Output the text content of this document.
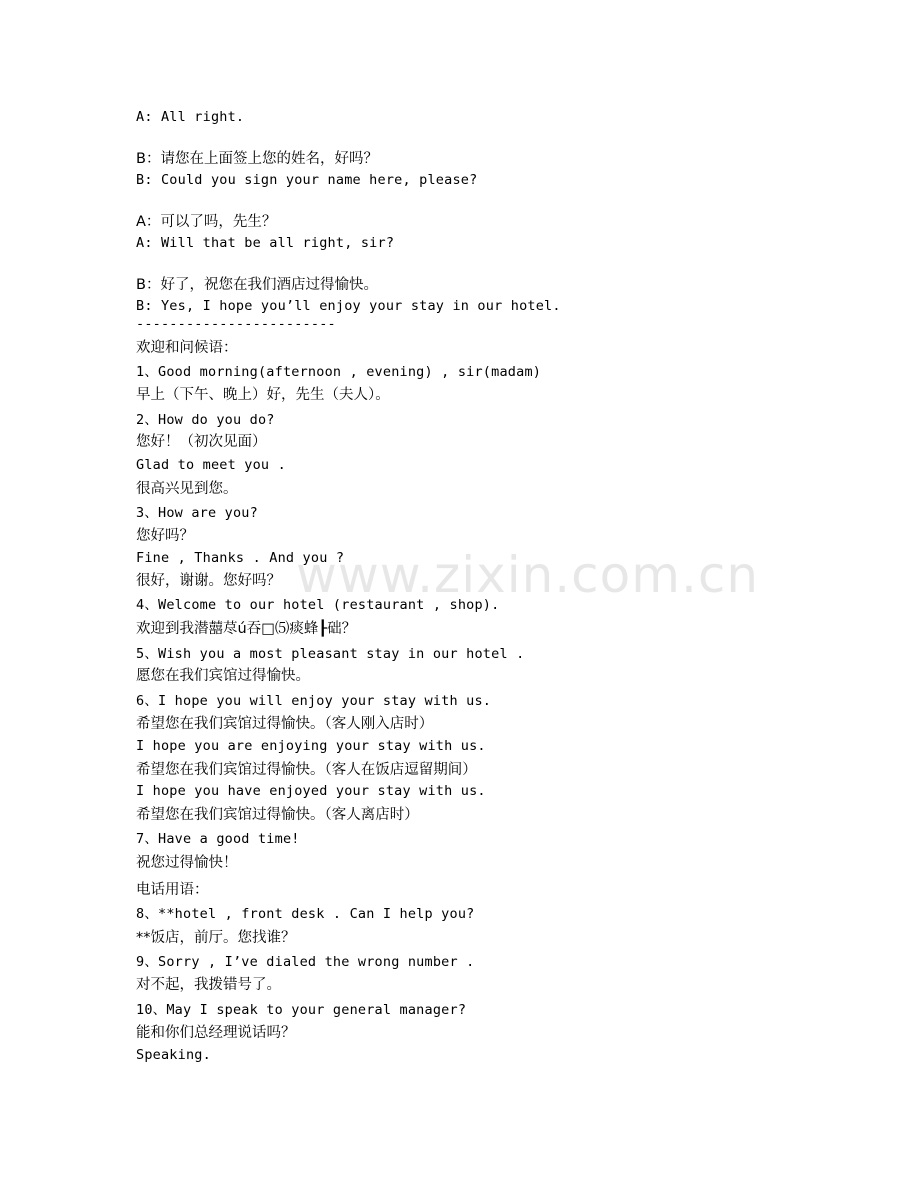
A: All right.
B：请您在上面签上您的姓名，好吗？
B: Could you sign your name here, please?
A：可以了吗，先生？
A: Will that be all right, sir?
B：好了，祝您在我们酒店过得愉快。
B: Yes, I hope you’ll enjoy your stay in our hotel.
------------------------
欢迎和问候语：
1、Good morning(afternoon , evening) , sir(madam)
早上（下午、晚上）好，先生（夫人）。
2、How do you do?
您好！（初次见面）
Glad to meet you .
很高兴见到您。
3、How are you?
您好吗？
Fine , Thanks . And you ?
很好，谢谢。您好吗？
4、Welcome to our hotel (restaurant , shop).
欢迎到我潜囍荩ú吞□⑸痰蜂┠础？
5、Wish you a most pleasant stay in our hotel .
愿您在我们宾馆过得愉快。
6、I hope you will enjoy your stay with us.
希望您在我们宾馆过得愉快。（客人刚入店时）
I hope you are enjoying your stay with us.
希望您在我们宾馆过得愉快。（客人在饭店逗留期间）
I hope you have enjoyed your stay with us.
希望您在我们宾馆过得愉快。（客人离店时）
7、Have a good time!
祝您过得愉快！
电话用语：
8、**hotel , front desk . Can I help you?
**饭店，前厅。您找谁？
9、Sorry , I’ve dialed the wrong number .
对不起，我拨错号了。
10、May I speak to your general manager?
能和你们总经理说话吗？
Speaking.
www.zixin.com.cn
